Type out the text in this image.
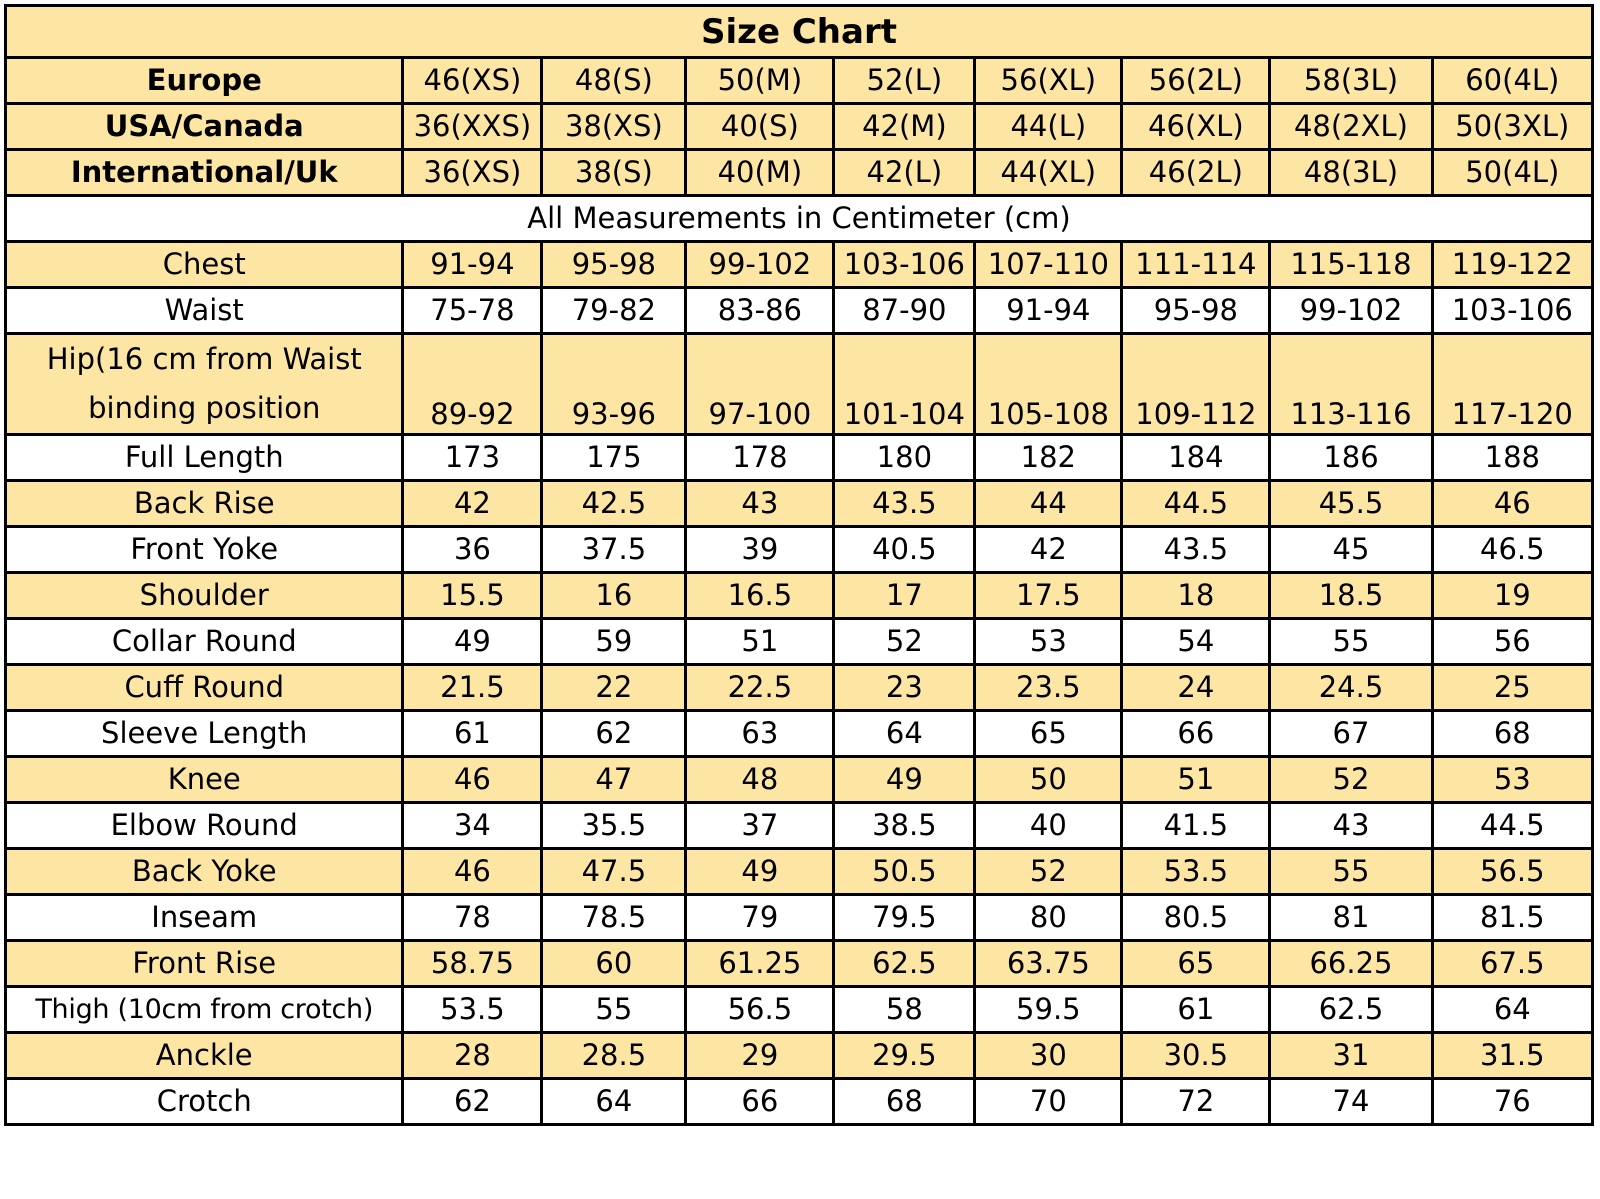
Size Chart								
Europe	46(XS)	48(S)	50(M)	52(L)	56(XL)	56(2L)	58(3L)	60(4L)
USA/Canada	36(XXS)	38(XS)	40(S)	42(M)	44(L)	46(XL)	48(2XL)	50(3XL)
International/Uk	36(XS)	38(S)	40(M)	42(L)	44(XL)	46(2L)	48(3L)	50(4L)
All Measurements in Centimeter (cm)								
Chest	91-94	95-98	99-102	103-106	107-110	111-114	115-118	119-122
Waist	75-78	79-82	83-86	87-90	91-94	95-98	99-102	103-106

Hip(16 cm from Waist
binding position	89-92	93-96	97-100	101-104	105-108	109-112	113-116	117-120
Full Length	173	175	178	180	182	184	186	188
Back Rise	42	42.5	43	43.5	44	44.5	45.5	46
Front Yoke	36	37.5	39	40.5	42	43.5	45	46.5
Shoulder	15.5	16	16.5	17	17.5	18	18.5	19
Collar Round	49	59	51	52	53	54	55	56
Cuff Round	21.5	22	22.5	23	23.5	24	24.5	25
Sleeve Length	61	62	63	64	65	66	67	68
Knee	46	47	48	49	50	51	52	53
Elbow Round	34	35.5	37	38.5	40	41.5	43	44.5
Back Yoke	46	47.5	49	50.5	52	53.5	55	56.5
Inseam	78	78.5	79	79.5	80	80.5	81	81.5
Front Rise	58.75	60	61.25	62.5	63.75	65	66.25	67.5
Thigh (10cm from crotch)	53.5	55	56.5	58	59.5	61	62.5	64
Anckle	28	28.5	29	29.5	30	30.5	31	31.5
Crotch	62	64	66	68	70	72	74	76
